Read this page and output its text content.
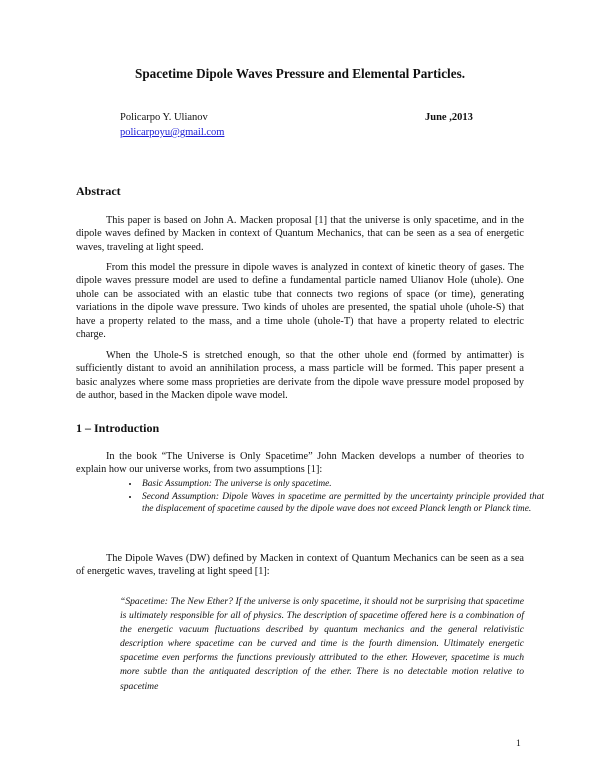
Spacetime Dipole Waves Pressure and Elemental Particles.
Policarpo Y. Ulianov	June ,2013
policarpoyu@gmail.com
Abstract

This paper is based on John A. Macken proposal [1] that the universe is only spacetime, and in the dipole waves defined by Macken in context of Quantum Mechanics, that can be seen as a sea of energetic waves, traveling at light speed.

From this model the pressure in dipole waves is analyzed in context of kinetic theory of gases. The dipole waves pressure model are used to define a fundamental particle named Ulianov Hole (uhole). One uhole can be associated with an elastic tube that connects two regions of space (or time), generating variations in the dipole wave pressure. Two kinds of uholes are presented, the spatial uhole (uhole-S) that have a property related to the mass, and a time uhole (uhole-T) that have a property related to electric charge.

When the Uhole-S is stretched enough, so that the other uhole end (formed by antimatter) is sufficiently distant to avoid an annihilation process, a mass particle will be formed. This paper present a basic analyzes where some mass proprieties are derivate from the dipole wave pressure model proposed by de author, based in the Macken dipole wave model.

1 – Introduction

In the book “The Universe is Only Spacetime” John Macken develops a number of theories to explain how our universe works, from two assumptions [1]:

• Basic Assumption: The universe is only spacetime.
• Second Assumption: Dipole Waves in spacetime are permitted by the uncertainty principle provided that the displacement of spacetime caused by the dipole wave does not exceed Planck length or Planck time.

The Dipole Waves (DW) defined by Macken in context of Quantum Mechanics can be seen as a sea of energetic waves, traveling at light speed [1]:

“Spacetime: The New Ether? If the universe is only spacetime, it should not be surprising that spacetime is ultimately responsible for all of physics. The description of spacetime offered here is a combination of the energetic vacuum fluctuations described by quantum mechanics and the general relativistic description where spacetime can be curved and time is the fourth dimension. Ultimately energetic spacetime even performs the functions previously attributed to the ether. However, spacetime is much more subtle than the antiquated description of the ether. There is no detectable motion relative to spacetime

1
